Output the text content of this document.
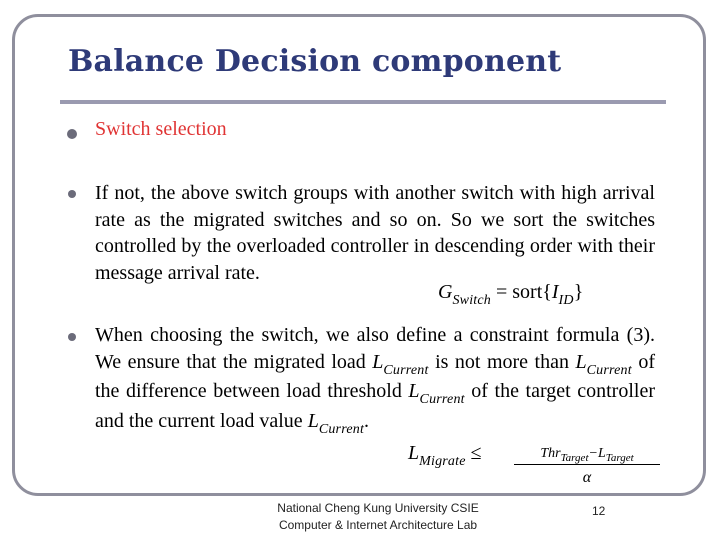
Balance Decision component

Switch selection

If not, the above switch groups with another switch with high arrival rate as the migrated switches and so on. So we sort the switches controlled by the overloaded controller in descending order with their message arrival rate.

$G_{Switch}$ = $sort\{I_{ID}\}$

When choosing the switch, we also define a constraint formula (3). We ensure that the migrated load $L_{Current}$ is not more than $L_{Current}$ of the difference between load threshold $L_{Current}$ of the target controller and the current load value $L_{Current}$.

$L_{Migrate}$ ≤	$Thr_{Target}-L_{Target}$
α
National Cheng Kung University CSIE
Computer & Internet Architecture Lab
12
